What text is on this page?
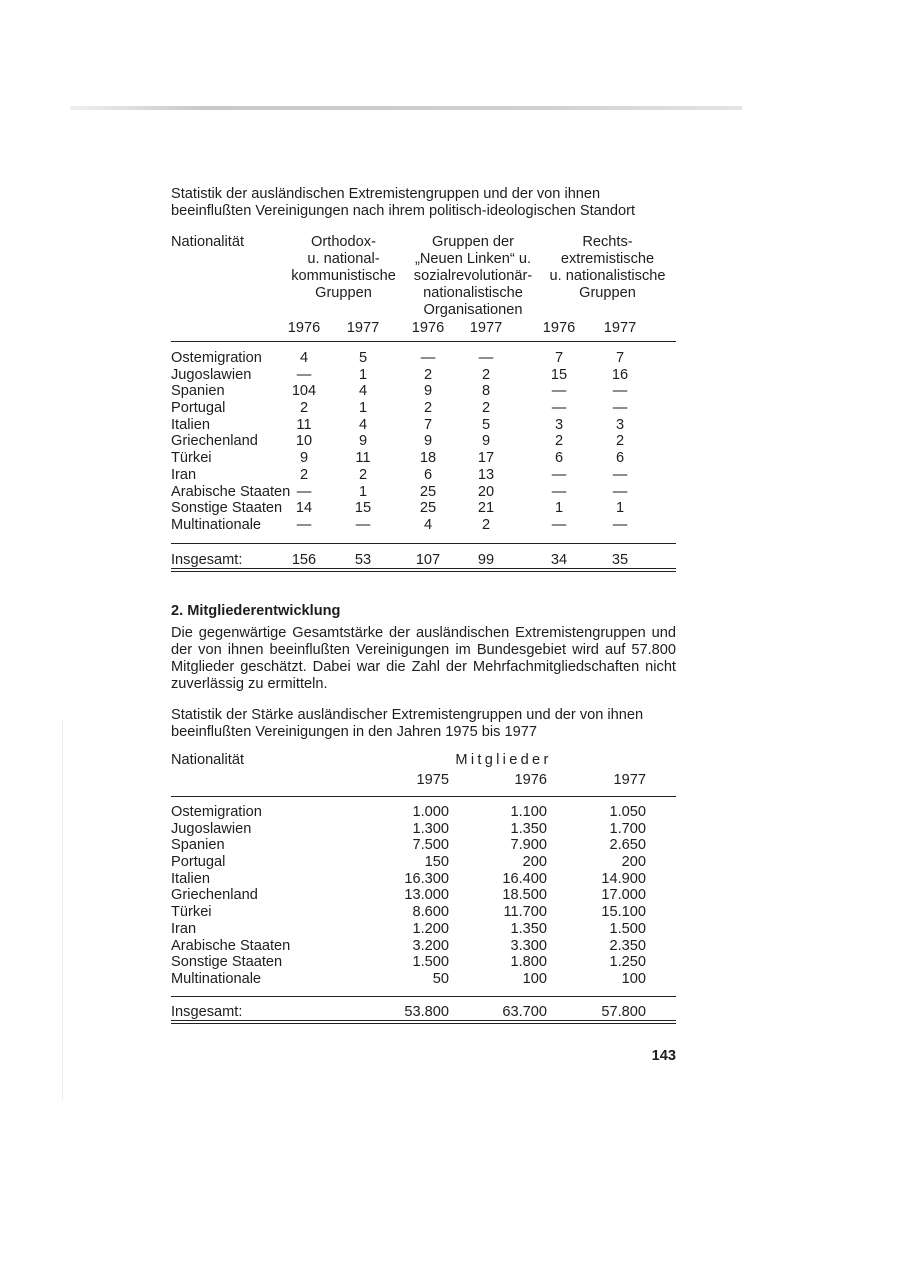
Statistik der ausländischen Extremistengruppen und der von ihnen beeinflußten Vereinigungen nach ihrem politisch-ideologischen Standort
Nationalität	Orthodox-
u. national-
kommunistische
Gruppen
Gruppen der
„Neuen Linken“ u.
sozialrevolutionär-
nationalistische
Organisationen
Rechts-
extremistische
u. nationalistische
Gruppen
1976	1977	1976	1977	1976	1977
Ostemigration	4	5	—	—	7	7
Jugoslawien	—	1	2	2	15	16
Spanien	104	4	9	8	—	—
Portugal	2	1	2	2	—	—
Italien	11	4	7	5	3	3
Griechenland	10	9	9	9	2	2
Türkei	9	11	18	17	6	6
Iran	2	2	6	13	—	—
Arabische Staaten —	1	25	20	—	—
Sonstige Staaten 14	15	25	21	1	1
Multinationale	—	—	4	2	—	—
Insgesamt:	156	53	107	99	34	35
2. Mitgliederentwicklung
Die gegenwärtige Gesamtstärke der ausländischen Extremistengruppen und der von ihnen beeinflußten Vereinigungen im Bundesgebiet wird auf 57.800 Mitglieder geschätzt. Dabei war die Zahl der Mehrfachmitgliedschaften nicht zuverlässig zu ermitteln.
Statistik der Stärke ausländischer Extremistengruppen und der von ihnen beeinflußten Vereinigungen in den Jahren 1975 bis 1977
Nationalität	Mitglieder
1975	1976	1977
Ostemigration	1.000	1.100	1.050
Jugoslawien	1.300	1.350	1.700
Spanien	7.500	7.900	2.650
Portugal	150	200	200
Italien	16.300	16.400	14.900
Griechenland	13.000	18.500	17.000
Türkei	8.600	11.700	15.100
Iran	1.200	1.350	1.500
Arabische Staaten	3.200	3.300	2.350
Sonstige Staaten	1.500	1.800	1.250
Multinationale	50	100	100
Insgesamt:	53.800	63.700	57.800
143
